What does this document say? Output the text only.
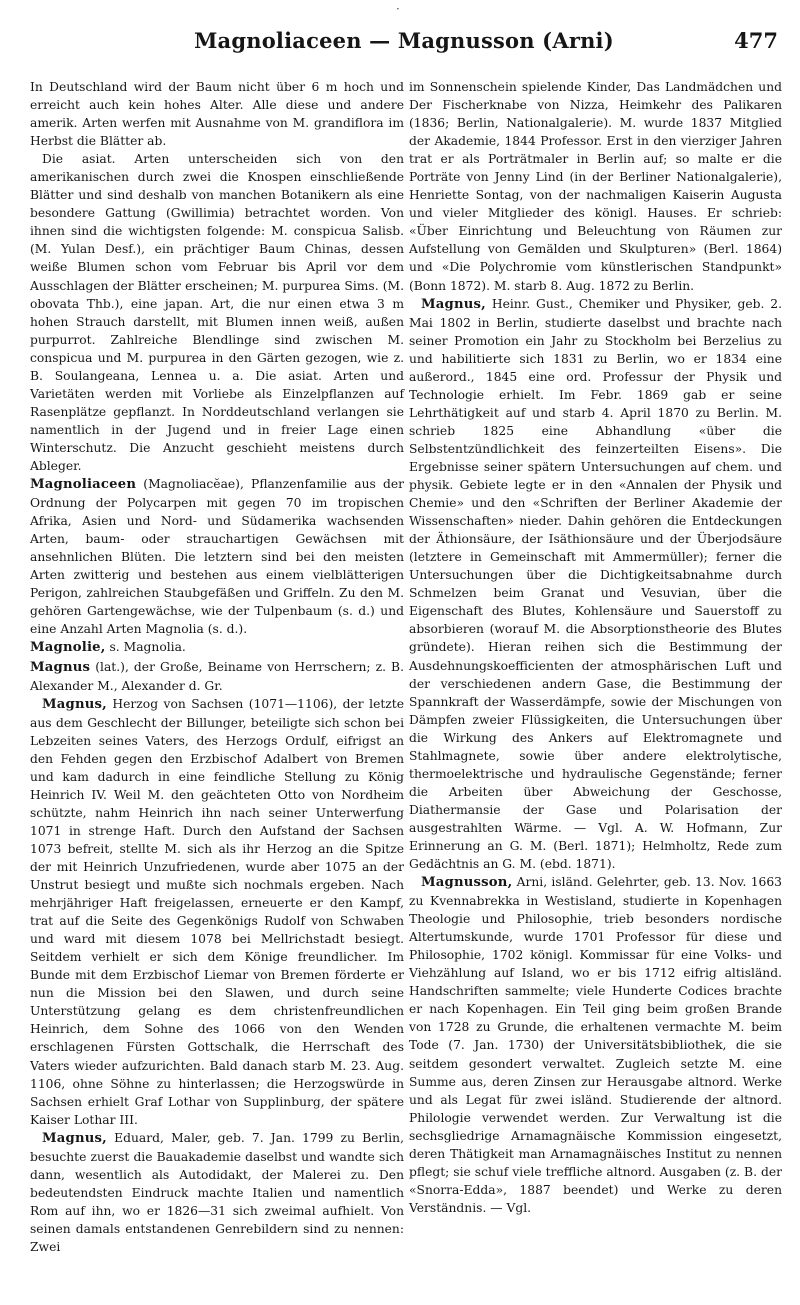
·
Magnoliaceen — Magnusson (Arni)	477

In Deutschland wird der Baum nicht über 6 m hoch und erreicht auch kein hohes Alter. Alle diese und andere amerik. Arten werfen mit Ausnahme von M. grandiflora im Herbst die Blätter ab.

Die asiat. Arten unterscheiden sich von den amerikanischen durch zwei die Knospen einschließende Blätter und sind deshalb von manchen Botanikern als eine besondere Gattung (Gwillimia) betrachtet worden. Von ihnen sind die wichtigsten folgende: M. conspicua Salisb. (M. Yulan Desf.), ein prächtiger Baum Chinas, dessen weiße Blumen schon vom Februar bis April vor dem Ausschlagen der Blätter erscheinen; M. purpurea Sims. (M. obovata Thb.), eine japan. Art, die nur einen etwa 3 m hohen Strauch darstellt, mit Blumen innen weiß, außen purpurrot. Zahlreiche Blendlinge sind zwischen M. conspicua und M. purpurea in den Gärten gezogen, wie z. B. Soulangeana, Lennea u. a. Die asiat. Arten und Varietäten werden mit Vorliebe als Einzelpflanzen auf Rasenplätze gepflanzt. In Norddeutschland verlangen sie namentlich in der Jugend und in freier Lage einen Winterschutz. Die Anzucht geschieht meistens durch Ableger.

Magnoliaceen (Magnoliacĕae), Pflanzenfamilie aus der Ordnung der Polycarpen mit gegen 70 im tropischen Afrika, Asien und Nord- und Südamerika wachsenden Arten, baum- oder strauchartigen Gewächsen mit ansehnlichen Blüten. Die letztern sind bei den meisten Arten zwitterig und bestehen aus einem vielblätterigen Perigon, zahlreichen Staubgefäßen und Griffeln. Zu den M. gehören Gartengewächse, wie der Tulpenbaum (s. d.) und eine Anzahl Arten Magnolia (s. d.).

Magnolie, s. Magnolia.

Magnus (lat.), der Große, Beiname von Herrschern; z. B. Alexander M., Alexander d. Gr.

Magnus, Herzog von Sachsen (1071—1106), der letzte aus dem Geschlecht der Billunger, beteiligte sich schon bei Lebzeiten seines Vaters, des Herzogs Ordulf, eifrigst an den Fehden gegen den Erzbischof Adalbert von Bremen und kam dadurch in eine feindliche Stellung zu König Heinrich IV. Weil M. den geächteten Otto von Nordheim schützte, nahm Heinrich ihn nach seiner Unterwerfung 1071 in strenge Haft. Durch den Aufstand der Sachsen 1073 befreit, stellte M. sich als ihr Herzog an die Spitze der mit Heinrich Unzufriedenen, wurde aber 1075 an der Unstrut besiegt und mußte sich nochmals ergeben. Nach mehrjähriger Haft freigelassen, erneuerte er den Kampf, trat auf die Seite des Gegenkönigs Rudolf von Schwaben und ward mit diesem 1078 bei Mellrichstadt besiegt. Seitdem verhielt er sich dem Könige freundlicher. Im Bunde mit dem Erzbischof Liemar von Bremen förderte er nun die Mission bei den Slawen, und durch seine Unterstützung gelang es dem christenfreundlichen Heinrich, dem Sohne des 1066 von den Wenden erschlagenen Fürsten Gottschalk, die Herrschaft des Vaters wieder aufzurichten. Bald danach starb M. 23. Aug. 1106, ohne Söhne zu hinterlassen; die Herzogswürde in Sachsen erhielt Graf Lothar von Supplinburg, der spätere Kaiser Lothar III.

Magnus, Eduard, Maler, geb. 7. Jan. 1799 zu Berlin, besuchte zuerst die Bauakademie daselbst und wandte sich dann, wesentlich als Autodidakt, der Malerei zu. Den bedeutendsten Eindruck machte Italien und namentlich Rom auf ihn, wo er 1826—31 sich zweimal aufhielt. Von seinen damals entstandenen Genrebildern sind zu nennen: Zwei

im Sonnenschein spielende Kinder, Das Landmädchen und Der Fischerknabe von Nizza, Heimkehr des Palikaren (1836; Berlin, Nationalgalerie). M. wurde 1837 Mitglied der Akademie, 1844 Professor. Erst in den vierziger Jahren trat er als Porträtmaler in Berlin auf; so malte er die Porträte von Jenny Lind (in der Berliner Nationalgalerie), Henriette Sontag, von der nachmaligen Kaiserin Augusta und vieler Mitglieder des königl. Hauses. Er schrieb: «Über Einrichtung und Beleuchtung von Räumen zur Aufstellung von Gemälden und Skulpturen» (Berl. 1864) und «Die Polychromie vom künstlerischen Standpunkt» (Bonn 1872). M. starb 8. Aug. 1872 zu Berlin.

Magnus, Heinr. Gust., Chemiker und Physiker, geb. 2. Mai 1802 in Berlin, studierte daselbst und brachte nach seiner Promotion ein Jahr zu Stockholm bei Berzelius zu und habilitierte sich 1831 zu Berlin, wo er 1834 eine außerord., 1845 eine ord. Professur der Physik und Technologie erhielt. Im Febr. 1869 gab er seine Lehrthätigkeit auf und starb 4. April 1870 zu Berlin. M. schrieb 1825 eine Abhandlung «über die Selbstentzündlichkeit des feinzerteilten Eisens». Die Ergebnisse seiner spätern Untersuchungen auf chem. und physik. Gebiete legte er in den «Annalen der Physik und Chemie» und den «Schriften der Berliner Akademie der Wissenschaften» nieder. Dahin gehören die Entdeckungen der Äthionsäure, der Isäthionsäure und der Überjodsäure (letztere in Gemeinschaft mit Ammermüller); ferner die Untersuchungen über die Dichtigkeitsabnahme durch Schmelzen beim Granat und Vesuvian, über die Eigenschaft des Blutes, Kohlensäure und Sauerstoff zu absorbieren (worauf M. die Absorptionstheorie des Blutes gründete). Hieran reihen sich die Bestimmung der Ausdehnungskoefficienten der atmosphärischen Luft und der verschiedenen andern Gase, die Bestimmung der Spannkraft der Wasserdämpfe, sowie der Mischungen von Dämpfen zweier Flüssigkeiten, die Untersuchungen über die Wirkung des Ankers auf Elektromagnete und Stahlmagnete, sowie über andere elektrolytische, thermoelektrische und hydraulische Gegenstände; ferner die Arbeiten über Abweichung der Geschosse, Diathermansie der Gase und Polarisation der ausgestrahlten Wärme. — Vgl. A. W. Hofmann, Zur Erinnerung an G. M. (Berl. 1871); Helmholtz, Rede zum Gedächtnis an G. M. (ebd. 1871).

Magnusson, Arni, isländ. Gelehrter, geb. 13. Nov. 1663 zu Kvennabrekka in Westisland, studierte in Kopenhagen Theologie und Philosophie, trieb besonders nordische Altertumskunde, wurde 1701 Professor für diese und Philosophie, 1702 königl. Kommissar für eine Volks- und Viehzählung auf Island, wo er bis 1712 eifrig altisländ. Handschriften sammelte; viele Hunderte Codices brachte er nach Kopenhagen. Ein Teil ging beim großen Brande von 1728 zu Grunde, die erhaltenen vermachte M. beim Tode (7. Jan. 1730) der Universitätsbibliothek, die sie seitdem gesondert verwaltet. Zugleich setzte M. eine Summe aus, deren Zinsen zur Herausgabe altnord. Werke und als Legat für zwei isländ. Studierende der altnord. Philologie verwendet werden. Zur Verwaltung ist die sechsgliedrige Arnamagnäische Kommission eingesetzt, deren Thätigkeit man Arnamagnäisches Institut zu nennen pflegt; sie schuf viele treffliche altnord. Ausgaben (z. B. der «Snorra-Edda», 1887 beendet) und Werke zu deren Verständnis. — Vgl.
